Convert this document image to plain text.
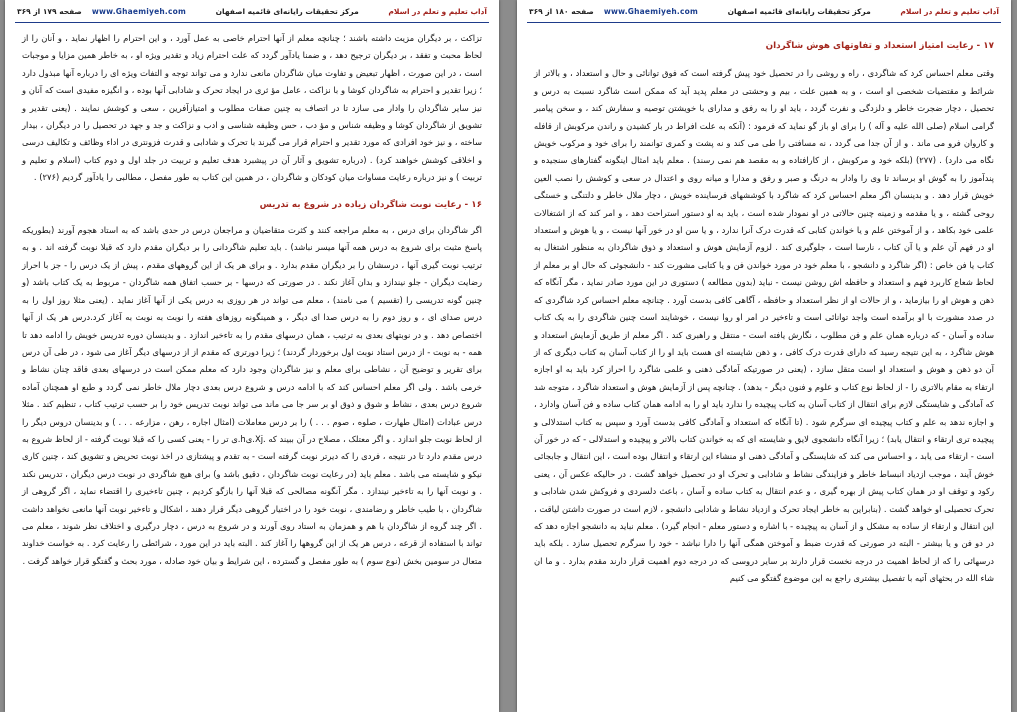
صفحه ۱۷۹ از ۳۶۹ www.Ghaemiyeh.com	مرکز تحقیقات رایانه‌ای قائمیه اصفهان	آداب تعلیم و تعلم در اسلام

تزاکت ، بر دیگران مزیت داشته باشند ؛ چنانچه معلم از آنها احترام خاصی به عمل آورد ، و این احترام را اظهار نماید ، و آنان را از لحاظ محبت و تفقد ، بر دیگران ترجیح دهد ، و ضمنا یادآور گردد که علت احترام زیاد و تقدیر ویژه او ، به خاطر همین مزایا و موجبات است ، در این صورت ، اظهار تبعیض و تفاوت میان شاگردان مانعی ندارد و می تواند توجه و التفات ویژه ای را درباره آنها مبذول دارد ؛ زیرا تقدیر و احترام به شاگردان کوشا و با نزاکت ، عامل مؤ ثری در ایجاد تحرک و شادابی آنها بوده ، و انگیزه مفیدی است که آنان و نیز سایر شاگردان را وادار می سازد تا در اتصاف به چنین صفات مطلوب و امتیازآفرین ، سعی و کوشش نمایند . (یعنی تقدیر و تشویق از شاگردان کوشا و وظیفه شناس و مؤ دب ، حس وظیفه شناسی و ادب و نزاکت و جد و جهد در تحصیل را در دیگران ، بیدار ساخته ، و نیز خود افرادی که مورد تقدیر و احترام قرار می گیرند با تحرک و شادابی و قدرت فزونتری در اداء وظائف و تکالیف درسی و اخلاقی کوشش خواهند کرد) . (درباره تشویق و آثار آن در پیشبرد هدف تعلیم و تربیت در جلد اول و دوم کتاب (اسلام و تعلیم و تربیت ) و نیز درباره رعایت مساوات میان کودکان و شاگردان ، در همین این کتاب به طور مفصل ، مطالبی را یادآور گردیم (۲۷۶) .

۱۶ - رعایت نوبت شاگردان زیاده در شروع به تدریس

اگر شاگردان برای درس ، به معلم مراجعه کنند و کثرت متقاضیان و مراجعان درس در حدی باشد که به استاد هجوم آورند (بطوریکه پاسخ مثبت برای شروع به درس همه آنها میسر نباشد) . باید تعلیم شاگردانی را بر دیگران مقدم دارد که قبلا نوبت گرفته اند . و به ترتیب نوبت گیری آنها ، درسشان را بر دیگران مقدم بدارد . و برای هر یک از این گروههای مقدم ، پیش از یک درس را - جز با احراز رضایت دیگران - جلو نیندازد و بدان آغاز نکند . در صورتی که درسها - بر حسب اتفاق همه شاگردان - مربوط به یک کتاب باشد (و چنین گونه تدریسی را (تقسیم ) می نامند) ، معلم می تواند در هر روزی به درس یکی از آنها آغاز نماید . (یعنی مثلا روز اول را به درس صدای ای ، و روز دوم را به درس صدا ای دیگر ، و همینگونه روزهای هفته را نوبت به نوبت به آغاز کرد.درس هر یک از آنها اختصاص دهد . و در نوبتهای بعدی به ترتیب ، همان درسهای مقدم را به تاءخیر اندازد . و بدینسان دوره تدریس خویش را ادامه دهد تا همه - به نوبت - از درس استاد نوبت اول برخوردار گردند) ؛ زیرا دورتری که مقدم از از درسهای دیگر آغاز می شود ، در طی آن درس برای تقریر و توضیح آن ، نشاطی برای معلم و نیز شاگردان وجود دارد که معلم ممکن است در درسهای بعدی فاقد چنان نشاط و خرمی باشد . ولی اگر معلم احساس کند که با ادامه درس و شروع درس بعدی دچار ملال خاطر نمی گردد و طبع او همچنان آماده شروع درس بعدی ، نشاط و شوق و ذوق او بر سر جا می ماند می تواند نوبت تدریس خود را بر حسب ترتیب کتاب ، تنظیم کند . مثلا درس عبادات (امثال طهارت ، صلوه ، صوم . . . ) را بر درس معاملات (امثال اجاره ، رهن ، مزارعه . . . ) و بدینسان دروس دیگر را از لحاظ نوبت جلو اندازد . و اگر معتلک ، مصلاح در آن ببیند که .Xj.ىh.ى تر را - یعنی کسی را که قبلا نوبت گرفته - از لحاظ شروع به درس مقدم دارد تا در نتیجه ، فردی را که دیرتر نوبت گرفته است - به تقدم و پیشتازی در اخذ نوبت تحریض و تشویق کند ، چنین کاری نیکو و شایسته می باشد . معلم باید (در رعایت نوبت شاگردان ، دقیق باشد و) برای هیچ شاگردی در نوبت درس دیگران ، تدریس نکند . و نوبت آنها را به تاءخیر نیندازد . مگر آنگونه مصالحی که قبلا آنها را بازگو کردیم ، چنین تاءخیری را اقتضاء نماید ، اگر گروهی از شاگردان ، با طیب خاطر و رضامندی ، نوبت خود را در اختیار گروهی دیگر قرار دهند ، اشکال و تاءخیر نوبت آنها مانعی نخواهد داشت . اگر چند گروه از شاگردان با هم و همزمان به استاد روی آورند و در شروع به درس ، دچار درگیری و اختلاف نظر شوند ، معلم می تواند با استفاده از قرعه ، درس هر یک از این گروهها را آغاز کند . البته باید در این مورد ، شرائطی را رعایت کرد . به خواست خداوند متعال در سومین بخش (نوع سوم ) به طور مفصل و گسترده ، این شرایط و بیان خود صادله ، مورد بحث و گفتگو قرار خواهد گرفت .

صفحه ۱۸۰ از ۳۶۹ www.Ghaemiyeh.com	مرکز تحقیقات رایانه‌ای قائمیه اصفهان	آداب تعلیم و تعلم در اسلام

۱۷ - رعایت امتیاز استعداد و تفاوتهای هوش شاگردان

وقتی معلم احساس کرد که شاگردی ، راه و روشی را در تحصیل خود پیش گرفته است که فوق توانائی و حال و استعداد ، و بالاتر از شرائط و مقتضیات شخصی او است ، و به همین علت ، بیم و وحشتی در معلم پدید آید که ممکن است شاگرد نسبت به درس و تحصیل ، دچار ضجرت خاطر و دلزدگی و نفرت گردد ، باید او را به رفق و مدارای با خویشتن توصیه و سفارش کند ، و سخن پیامبر گرامی اسلام (صلی الله علیه و آله ) را برای او باز گو نماید که فرمود : (آنکه به علت افراط در بار کشیدن و راندن مرکوبش از قافله و کاروان فرو می ماند . و از آن جدا می گردد ، نه مسافتی را طی می کند و نه پشت و کمری توانمند را برای خود و مرکوب خویش نگاه می دارد) . (۲۷۷) (بلکه خود و مرکوبش ، از کارافتاده و به مقصد هم نمی رسند) . معلم باید امثال اینگونه گفتارهای سنجیده و پندآموز را به گوش او برساند تا وی را وادار به درنگ و صبر و رفق و مدارا و میانه روی و اعتدال در سعی و کوشش را نصب العین خویش قرار دهد . و بدینسان اگر معلم احساس کرد که شاگرد با کوششهای فرساینده خویش ، دچار ملال خاطر و دلتنگی و خستگی روحی گشته ، و یا مقدمه و زمینه چنین حالاتی در او نمودار شده است ، باید به او دستور استراحت دهد ، و امر کند که از اشتغالات علمی خود بکاهد ، و از آموختن علم و یا خواندن کتابی که قدرت درک آنرا ندارد ، و یا سن او در خور آنها نیست ، و یا هوش و استعداد او در فهم آن علم و یا آن کتاب ، نارسا است ، جلوگیری کند . لزوم آزمایش هوش و استعداد و ذوق شاگردان به منظور اشتغال به کتاب یا فن خاص : (اگر شاگرد و دانشجو ، با معلم خود در مورد خواندن فن و یا کتابی مشورت کند - دانشجوئی که حال او بر معلم از لحاظ شعاع کاربرد فهم و استعداد و حافظه اش روشن نیست - نباید (بدون مطالعه ) دستوری در این مورد صادر نماید ، مگر آنگاه که ذهن و هوش او را بیازماید ، و از حالات او از نظر استعداد و حافظه ، آگاهی کافی بدست آورد . چنانچه معلم احساس کرد شاگردی که در صدد مشورت با او برآمده است واجد توانائی است و تاءخیر در امر او روا نیست ، خوشایند است چنین شاگردی را به یک کتاب ساده و آسان - که درباره همان علم و فن مطلوب ، نگارش یافته است - منتقل و راهبری کند . اگر معلم از طریق آزمایش استعداد و هوش شاگرد ، به این نتیجه رسید که دارای قدرت درک کافی ، و ذهن شایسته ای هست باید او را از کتاب آسان به کتاب دیگری که از آن دو ذهن و هوش و استعداد او است متقل سازد ، (یعنی در صورتیکه آمادگی ذهنی و علمی شاگرد را احراز کرد باید به او اجازه ارتقاء به مقام بالاتری را - از لحاظ نوع کتاب و علوم و فنون دیگر - بدهد) . چنانچه پس از آزمایش هوش و استعداد شاگرد ، متوجه شد که آمادگی و شایستگی لازم برای انتقال از کتاب آسان به کتاب پیچیده را ندارد باید او را به ادامه همان کتاب ساده و فن آسان وادارد ، و اجازه ندهد به علم و کتاب پیچیده ای سرگرم شود . (تا آنگاه که استعداد و آمادگی کافی بدست آورد و سپس به کتاب استدلالی و پیچیده تری ارتقاء و انتقال یابد) ؛ زیرا آنگاه دانشجوی لایق و شایسته ای که به خواندن کتاب بالاتر و پیچیده و استدلالی - که در خور آن است - ارتقاء می یابد ، و احساس می کند که شایستگی و آمادگی ذهنی او منشاء این ارتقاء و انتقال بوده است ، این انتقال و جابجائی خوش آیند ، موجب ازدیاد انبساط خاطر و فزایندگی نشاط و شادابی و تحرک او در تحصیل خواهد گشت . در حالیکه عکس آن ، یعنی رکود و توقف او در همان کتاب پیش از بهره گیری ، و عدم انتقال به کتاب ساده و آسان ، باعث دلسردی و فروکش شدن شادابی و تحرک تحصیلی او خواهد گشت . (بنابراین به خاطر ایجاد تحرک و ازدیاد نشاط و شادابی دانشجو ، لازم است در صورت داشتن لیاقت ، این انتقال و ارتقاء از ساده به مشکل و از آسان به پیچیده - با اشاره و دستور معلم - انجام گیرد) . معلم نباید به دانشجو اجازه دهد که در دو فن و یا بیشتر - البته در صورتی که قدرت ضبط و آموختن همگی آنها را دارا نباشد - خود را سرگرم تحصیل سازد . بلکه باید درسهائی را که از لحاظ اهمیت در درجه نخست قرار دارند بر سایر دروسی که در درجه دوم اهمیت قرار دارند مقدم بدارد . و ما ان شاء الله در بحثهای آتیه با تفصیل بیشتری راجع به این موضوع گفتگو می کنیم
